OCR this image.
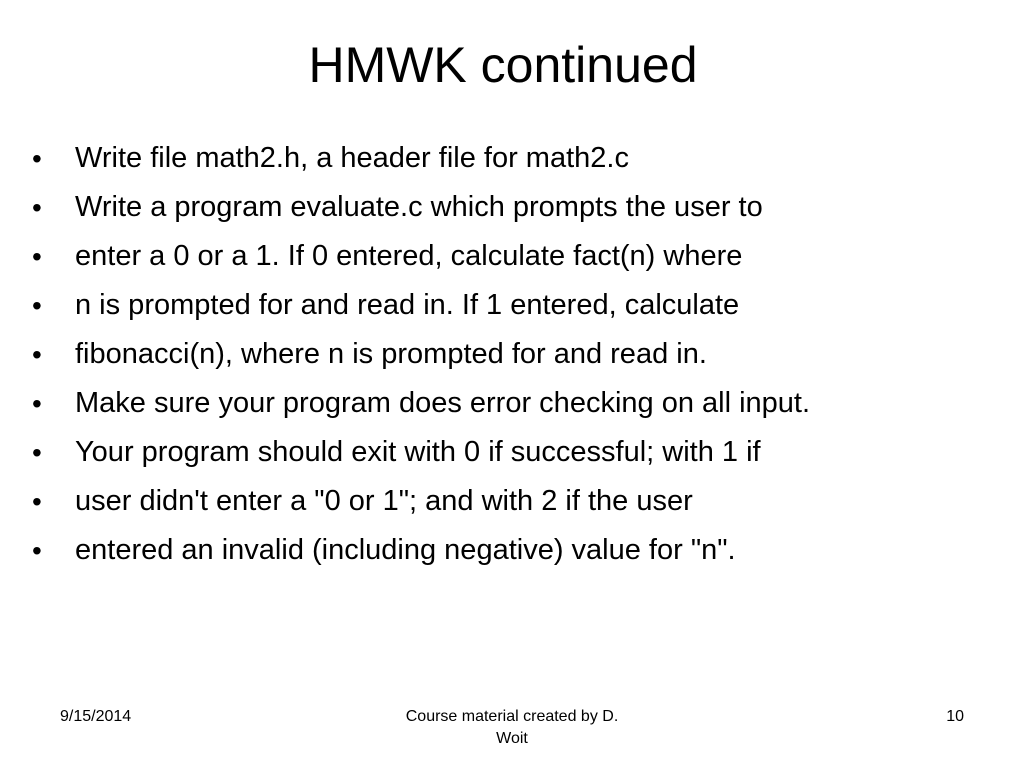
HMWK continued
•	Write file math2.h, a header file for math2.c
•	Write a program evaluate.c which prompts the user to
•	enter a 0 or a 1. If 0 entered, calculate fact(n) where
•	n is prompted for and read in. If 1 entered, calculate
•	fibonacci(n), where n is prompted for and read in.
•	Make sure your program does error checking on all input.
•	Your program should exit with 0 if successful; with 1 if
•	user didn't enter a "0 or 1"; and with 2 if the user
•	entered an invalid (including negative) value for "n".
9/15/2014	Course material created by D.
Woit
10
